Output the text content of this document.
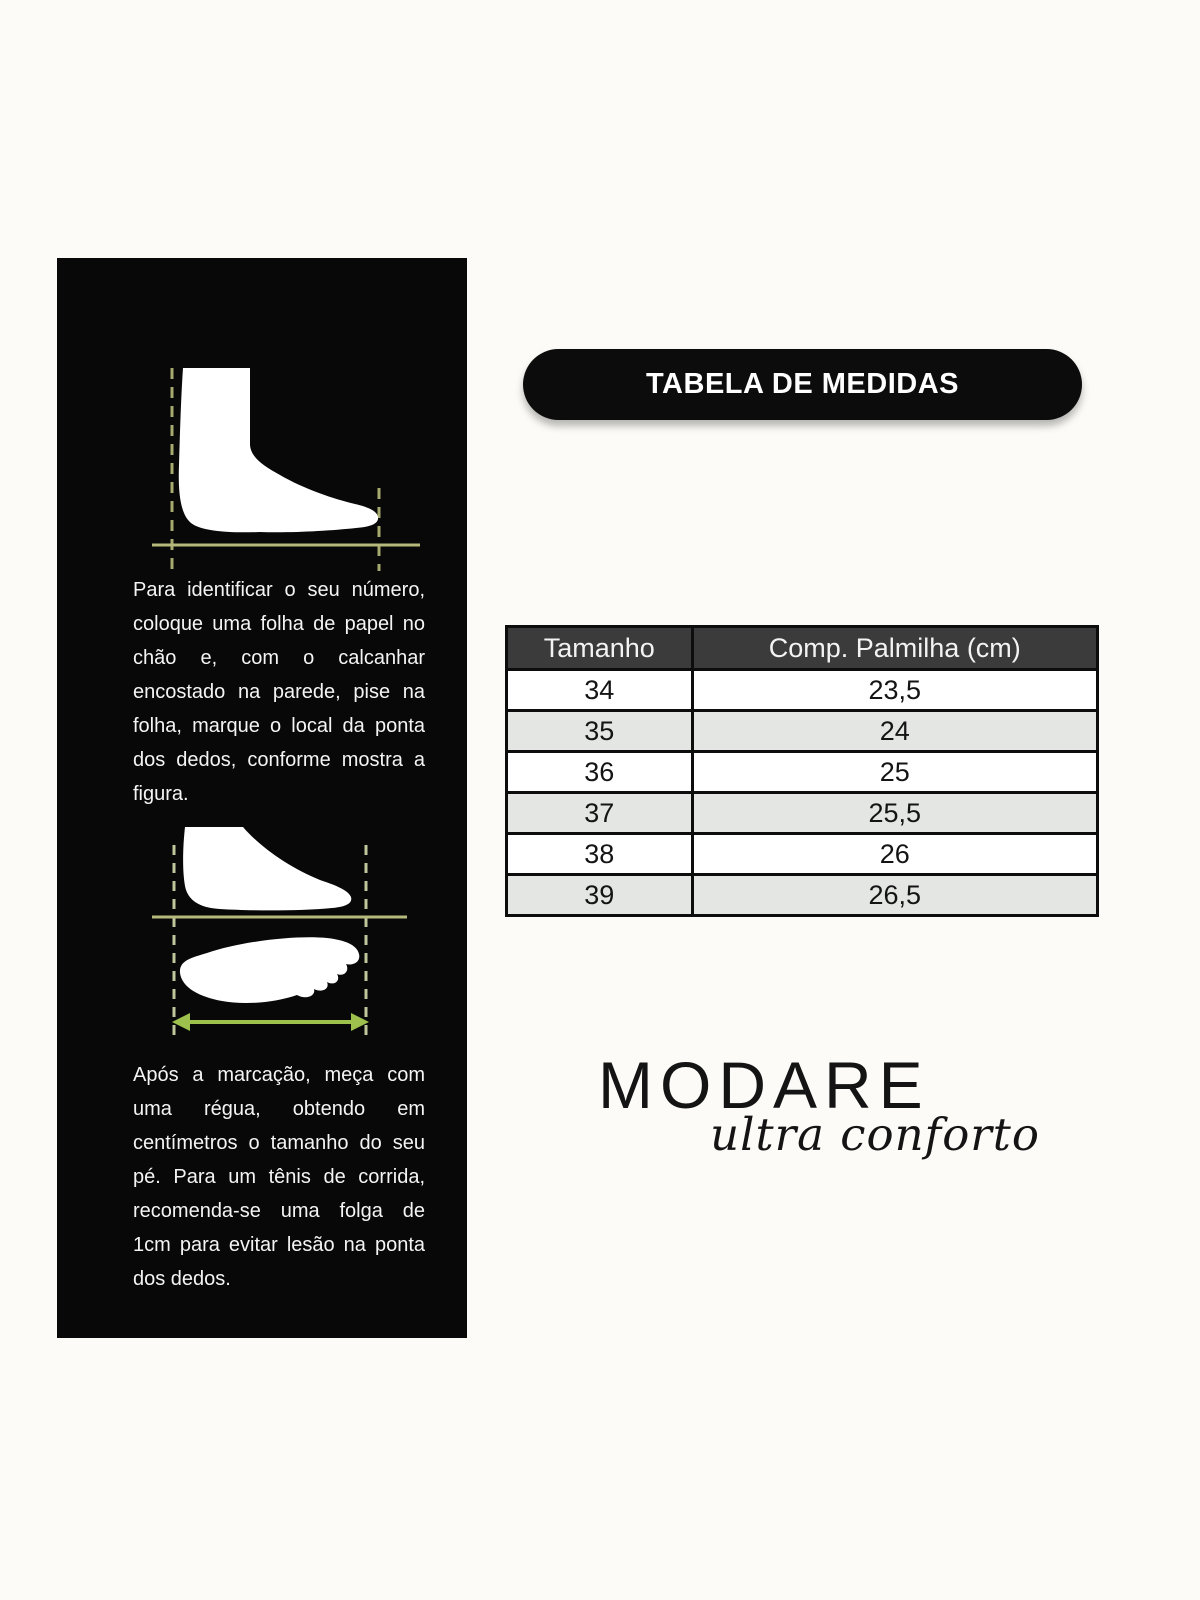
Para identificar o seu número, coloque uma folha de papel no chão e, com o calcanhar encostado na parede, pise na folha, marque o local da ponta dos dedos, conforme mostra a figura.

Após a marcação, meça com uma régua, obtendo em centímetros o tamanho do seu pé. Para um tênis de corrida, recomenda-se uma folga de 1cm para evitar lesão na ponta dos dedos.

TABELA DE MEDIDAS
Tamanho	Comp. Palmilha (cm)
34	23,5
35	24
36	25
37	25,5
38	26
39	26,5
MODARE
ultra conforto
